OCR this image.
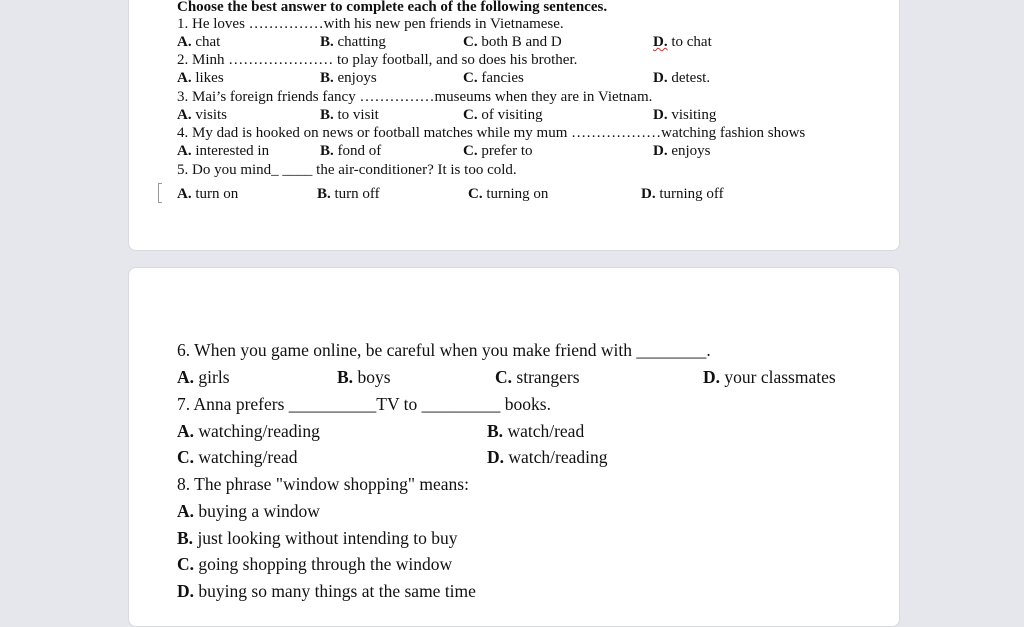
Choose the best answer to complete each of the following sentences.
1. He loves ……………with his new pen friends in Vietnamese.
A. chat	B. chatting	C. both B and D	D. to chat
2. Minh ………………… to play football, and so does his brother.
A. likes	B. enjoys	C. fancies	D. detest.
3. Mai’s foreign friends fancy ……………museums when they are in Vietnam.
A. visits	B. to visit	C. of visiting	D. visiting
4. My dad is hooked on news or football matches while my mum ………………watching fashion shows
A. interested in	B. fond of	C. prefer to	D. enjoys
5. Do you mind_ ____ the air-conditioner? It is too cold.
A. turn on	B. turn off	C. turning on	D. turning off
6. When you game online, be careful when you make friend with ________.
A. girls	B. boys	C. strangers	D. your classmates
7. Anna prefers __________TV to _________ books.
A. watching/reading	B. watch/read
C. watching/read	D. watch/reading
8. The phrase "window shopping" means:
A. buying a window
B. just looking without intending to buy
C. going shopping through the window
D. buying so many things at the same time
